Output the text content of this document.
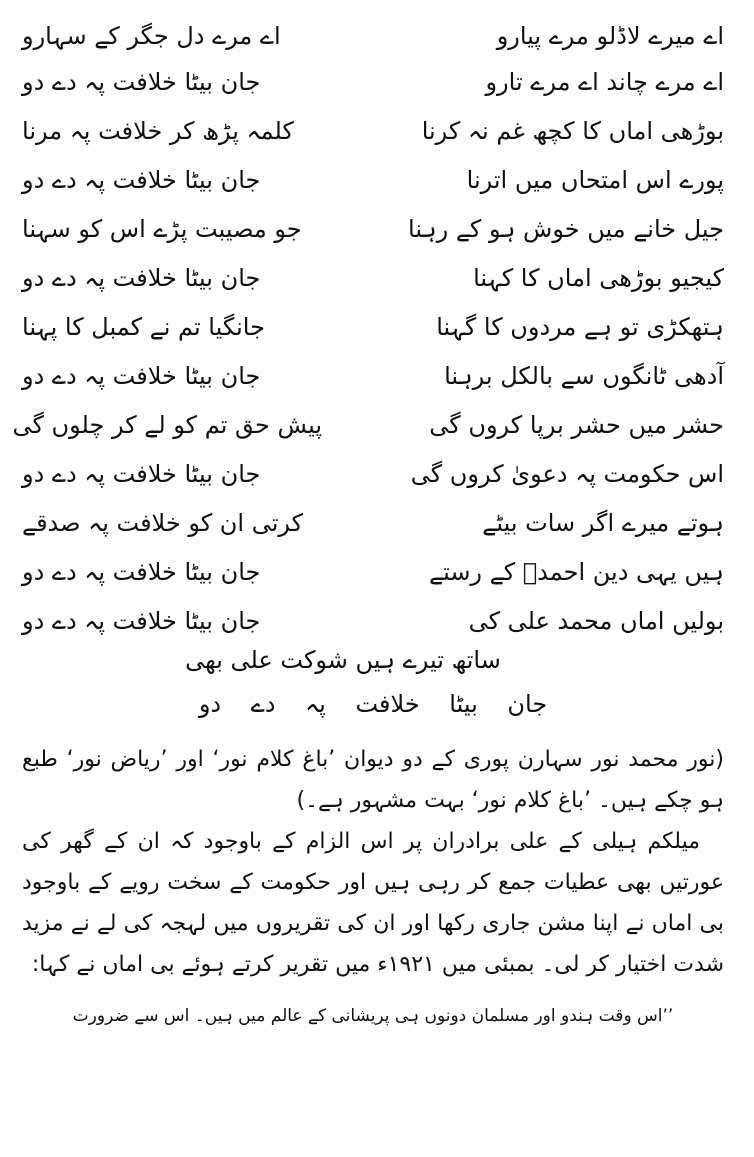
اے میرے لاڈلو مرے پیارو
اے مرے دل جگر کے سہارو
اے مرے چاند اے مرے تارو
جان بیٹا خلافت پہ دے دو
بوڑھی اماں کا کچھ غم نہ کرنا
کلمہ پڑھ کر خلافت پہ مرنا
پورے اس امتحاں میں اترنا
جان بیٹا خلافت پہ دے دو
جیل خانے میں خوش ہو کے رہنا
جو مصیبت پڑے اس کو سہنا
کیجیو بوڑھی اماں کا کہنا
جان بیٹا خلافت پہ دے دو
ہتھکڑی تو ہے مردوں کا گہنا
جانگیا تم نے کمبل کا پہنا
آدھی ٹانگوں سے بالکل برہنا
جان بیٹا خلافت پہ دے دو
حشر میں حشر برپا کروں گی
پیش حق تم کو لے کر چلوں گی
اس حکومت پہ دعویٰ کروں گی
جان بیٹا خلافت پہ دے دو
ہوتے میرے اگر سات بیٹے
کرتی ان کو خلافت پہ صدقے
ہیں یہی دین احمدؐ کے رستے
جان بیٹا خلافت پہ دے دو
بولیں اماں محمد علی کی
جان بیٹا خلافت پہ دے دو
ساتھ تیرے ہیں شوکت علی بھی
جان بیٹا خلافت پہ دے دو

(نور محمد نور سہارن پوری کے دو دیوان ’باغ کلام نور‘ اور ’ریاض نور‘ طبع ہو چکے ہیں۔ ’باغ کلام نور‘ بہت مشہور ہے۔)

میلکم ہیلی کے علی برادران پر اس الزام کے باوجود کہ ان کے گھر کی عورتیں بھی عطیات جمع کر رہی ہیں اور حکومت کے سخت رویے کے باوجود بی اماں نے اپنا مشن جاری رکھا اور ان کی تقریروں میں لہجہ کی لے نے مزید شدت اختیار کر لی۔ بمبئی میں ۱۹۲۱ء میں تقریر کرتے ہوئے بی اماں نے کہا:

’’اس وقت ہندو اور مسلمان دونوں ہی پریشانی کے عالم میں ہیں۔ اس سے ضرورت
